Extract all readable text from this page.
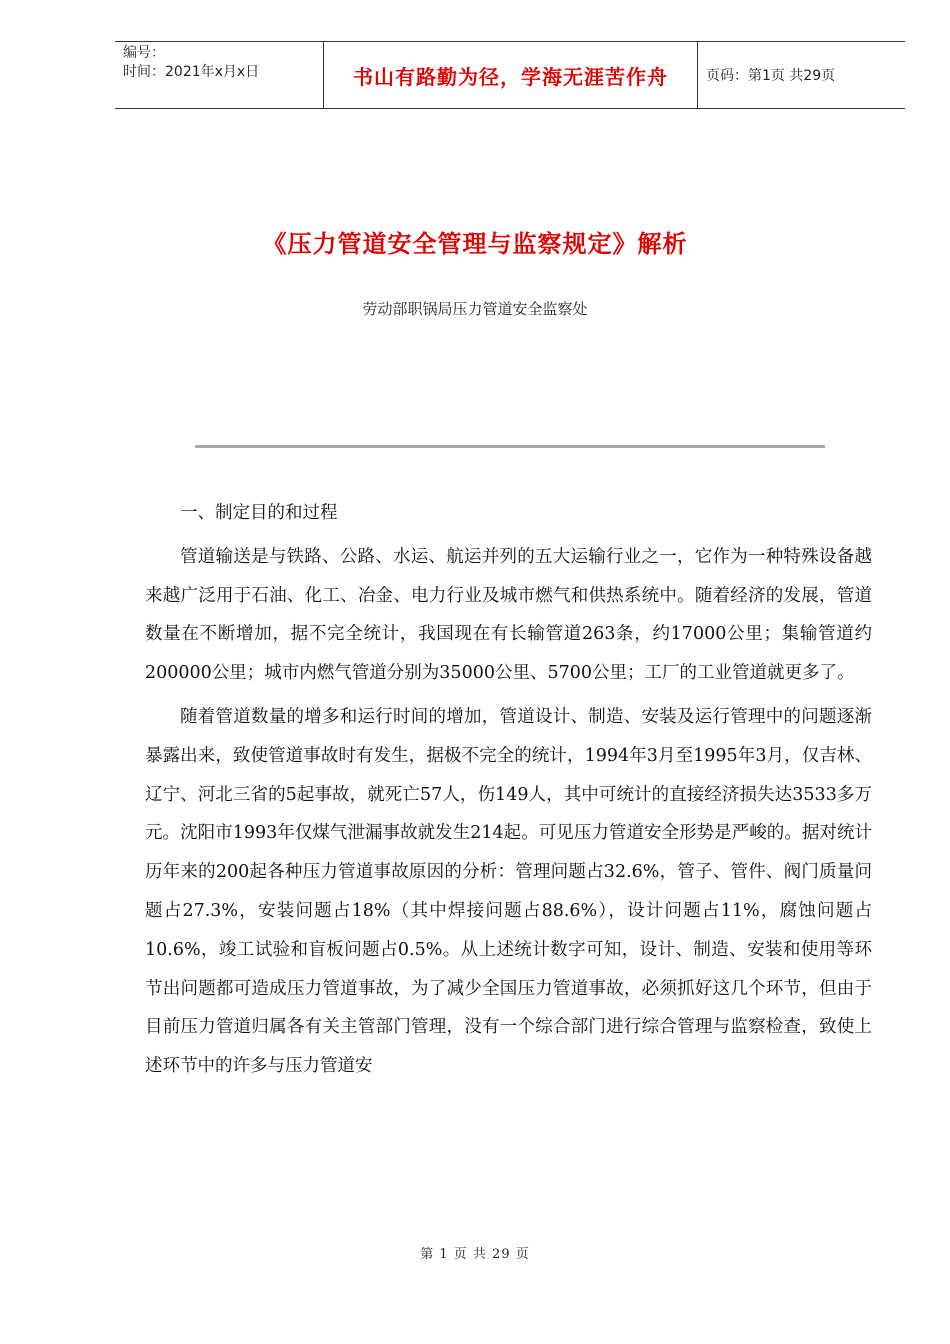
编号：
时间：2021年x月x日	书山有路勤为径，学海无涯苦作舟	页码：第1页 共29页
《压力管道安全管理与监察规定》解析
劳动部职锅局压力管道安全监察处

一、制定目的和过程

管道输送是与铁路、公路、水运、航运并列的五大运输行业之一，它作为一种特殊设备越来越广泛用于石油、化工、冶金、电力行业及城市燃气和供热系统中。随着经济的发展，管道数量在不断增加，据不完全统计，我国现在有长输管道263条，约17000公里；集输管道约200000公里；城市内燃气管道分别为35000公里、5700公里；工厂的工业管道就更多了。

随着管道数量的增多和运行时间的增加，管道设计、制造、安装及运行管理中的问题逐渐暴露出来，致使管道事故时有发生，据极不完全的统计，1994年3月至1995年3月，仅吉林、辽宁、河北三省的5起事故，就死亡57人，伤149人，其中可统计的直接经济损失达3533多万元。沈阳市1993年仅煤气泄漏事故就发生214起。可见压力管道安全形势是严峻的。据对统计历年来的200起各种压力管道事故原因的分析：管理问题占32.6%，管子、管件、阀门质量问题占27.3%，安装问题占18%（其中焊接问题占88.6%），设计问题占11%，腐蚀问题占10.6%，竣工试验和盲板问题占0.5%。从上述统计数字可知，设计、制造、安装和使用等环节出问题都可造成压力管道事故，为了减少全国压力管道事故，必须抓好这几个环节，但由于目前压力管道归属各有关主管部门管理，没有一个综合部门进行综合管理与监察检查，致使上述环节中的许多与压力管道安

第 1 页 共 29 页
